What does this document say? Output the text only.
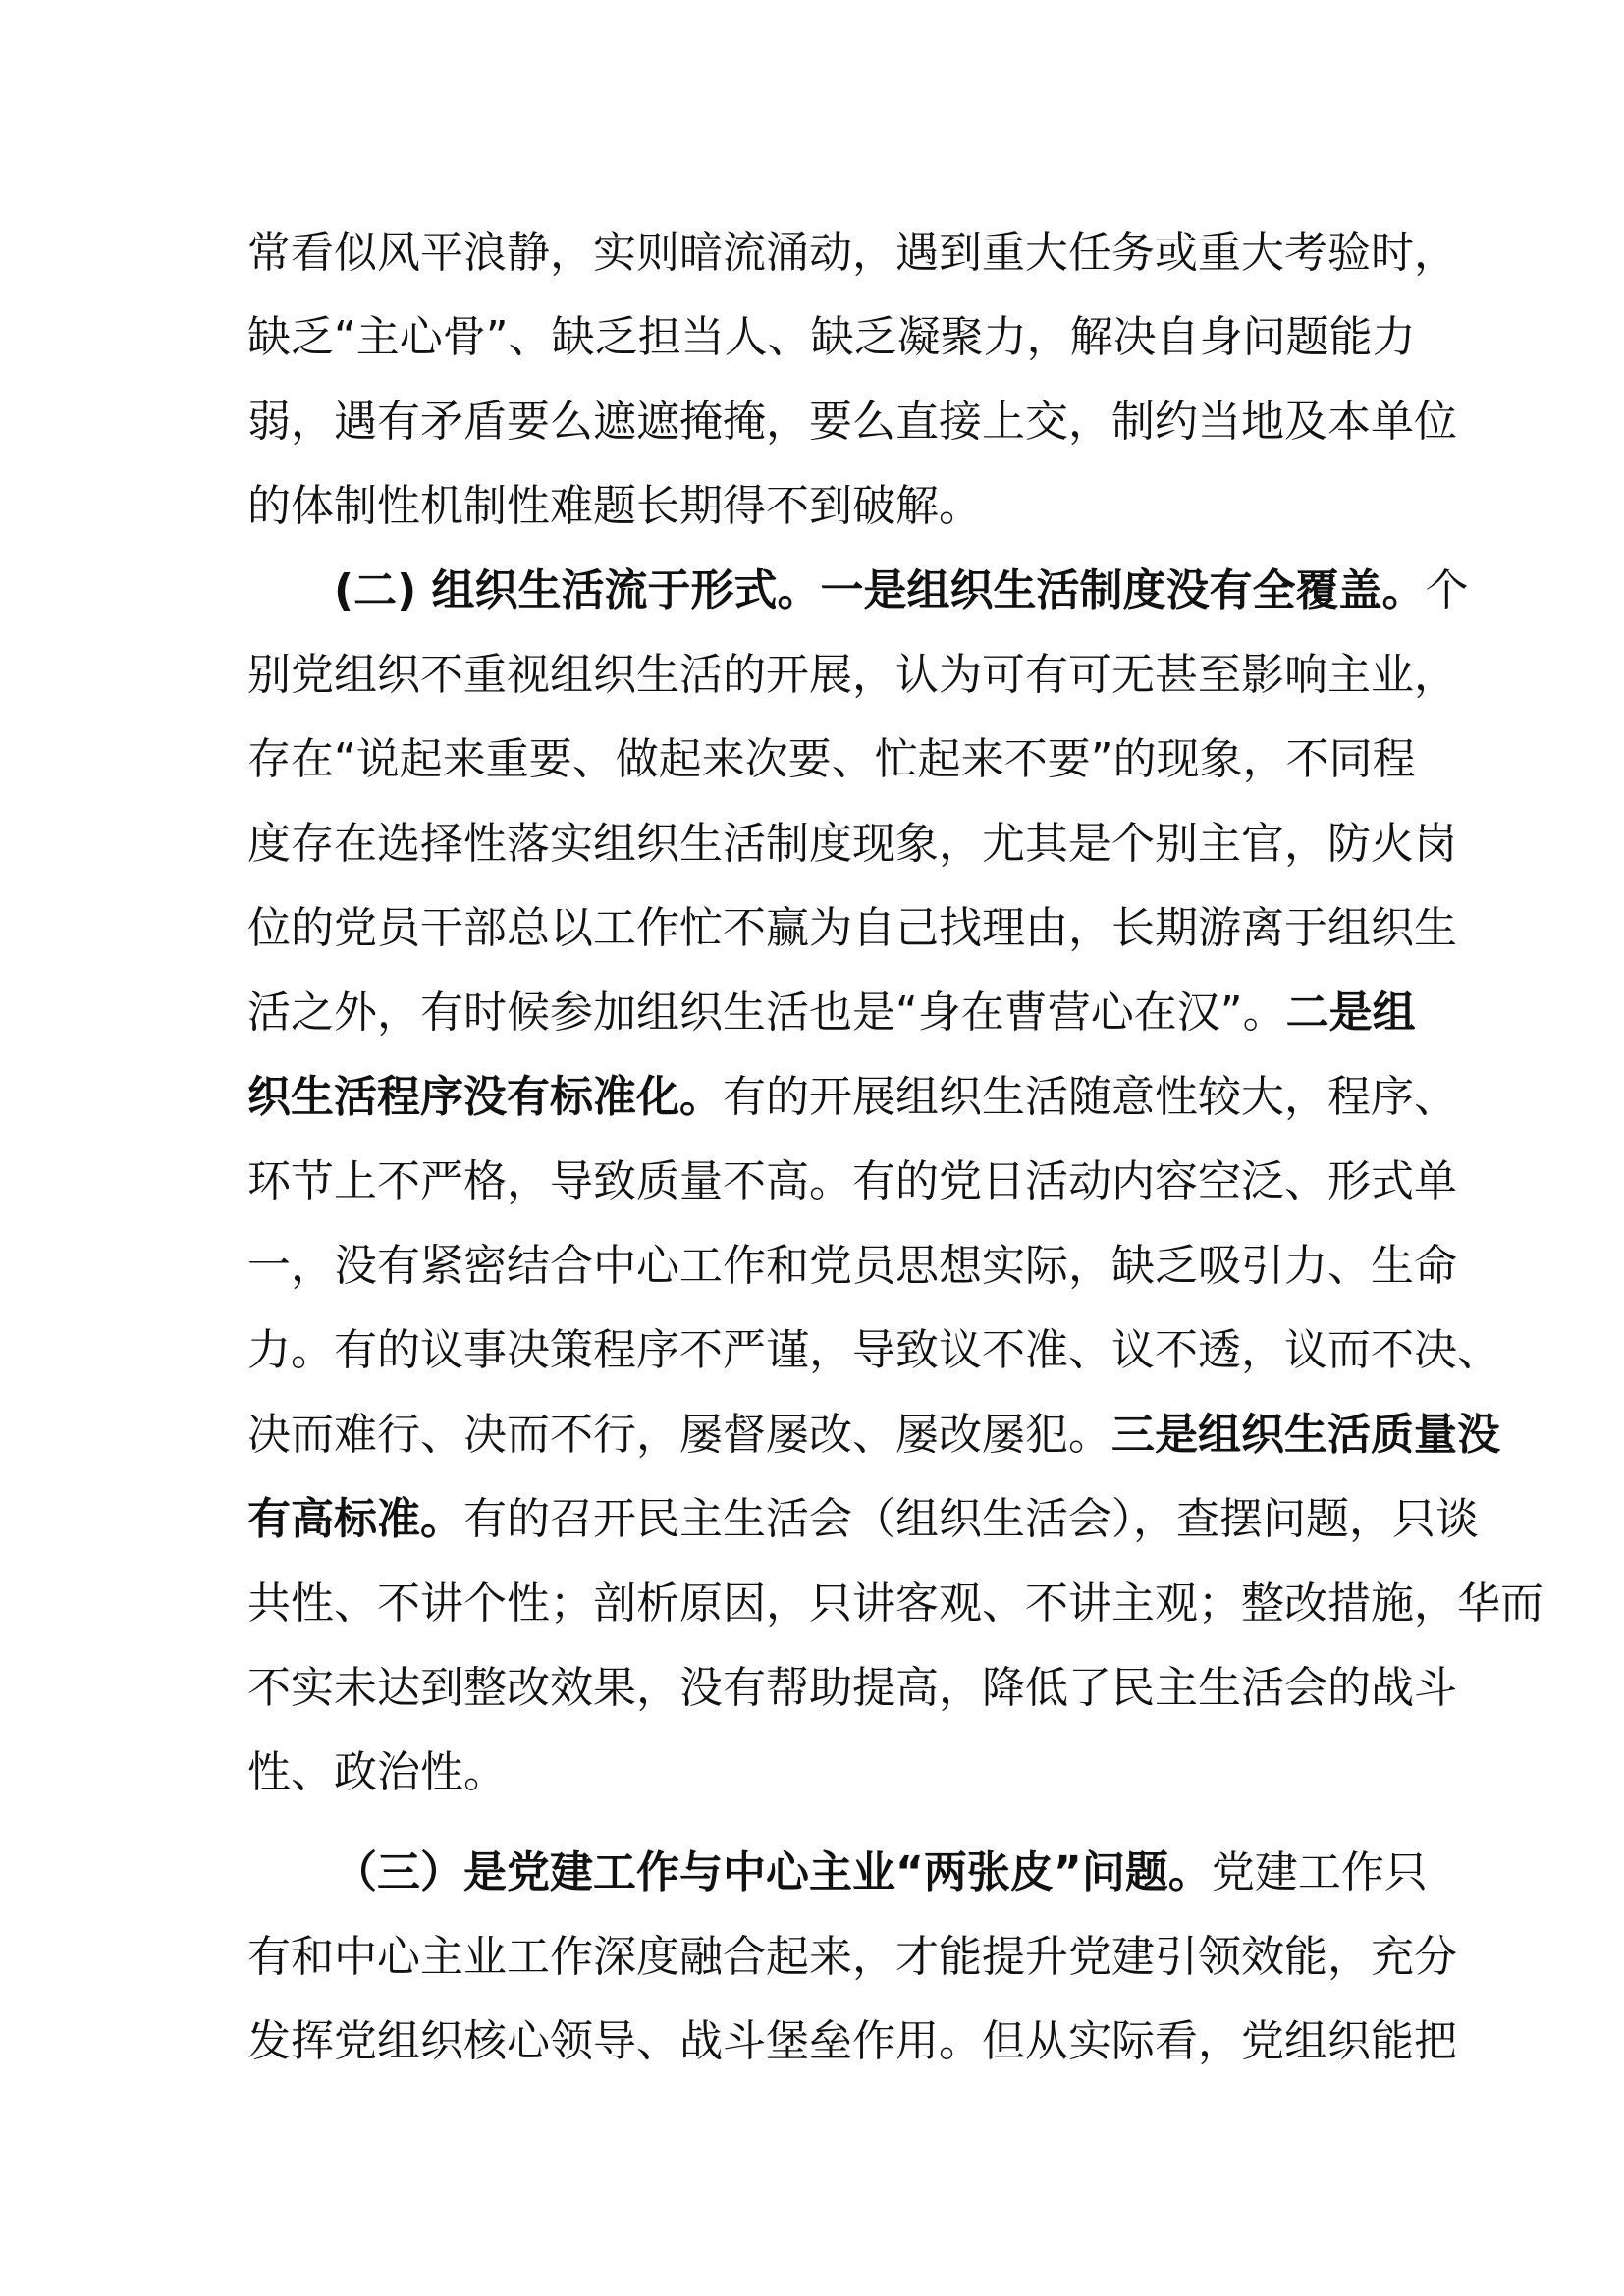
常看似风平浪静，实则暗流涌动，遇到重大任务或重大考验时，
缺乏“主心骨”、缺乏担当人、缺乏凝聚力，解决自身问题能力
弱，遇有矛盾要么遮遮掩掩，要么直接上交，制约当地及本单位
的体制性机制性难题长期得不到破解。
(二) 组织生活流于形式。一是组织生活制度没有全覆盖。个
别党组织不重视组织生活的开展，认为可有可无甚至影响主业，
存在“说起来重要、做起来次要、忙起来不要”的现象，不同程
度存在选择性落实组织生活制度现象，尤其是个别主官，防火岗
位的党员干部总以工作忙不赢为自己找理由，长期游离于组织生
活之外，有时候参加组织生活也是“身在曹营心在汉”。二是组
织生活程序没有标准化。有的开展组织生活随意性较大，程序、
环节上不严格，导致质量不高。有的党日活动内容空泛、形式单
一，没有紧密结合中心工作和党员思想实际，缺乏吸引力、生命
力。有的议事决策程序不严谨，导致议不准、议不透，议而不决、
决而难行、决而不行，屡督屡改、屡改屡犯。三是组织生活质量没
有高标准。有的召开民主生活会（组织生活会），查摆问题，只谈
共性、不讲个性；剖析原因，只讲客观、不讲主观；整改措施，华而
不实未达到整改效果，没有帮助提高，降低了民主生活会的战斗
性、政治性。
（三）是党建工作与中心主业“两张皮”问题。党建工作只
有和中心主业工作深度融合起来，才能提升党建引领效能，充分
发挥党组织核心领导、战斗堡垒作用。但从实际看，党组织能把
